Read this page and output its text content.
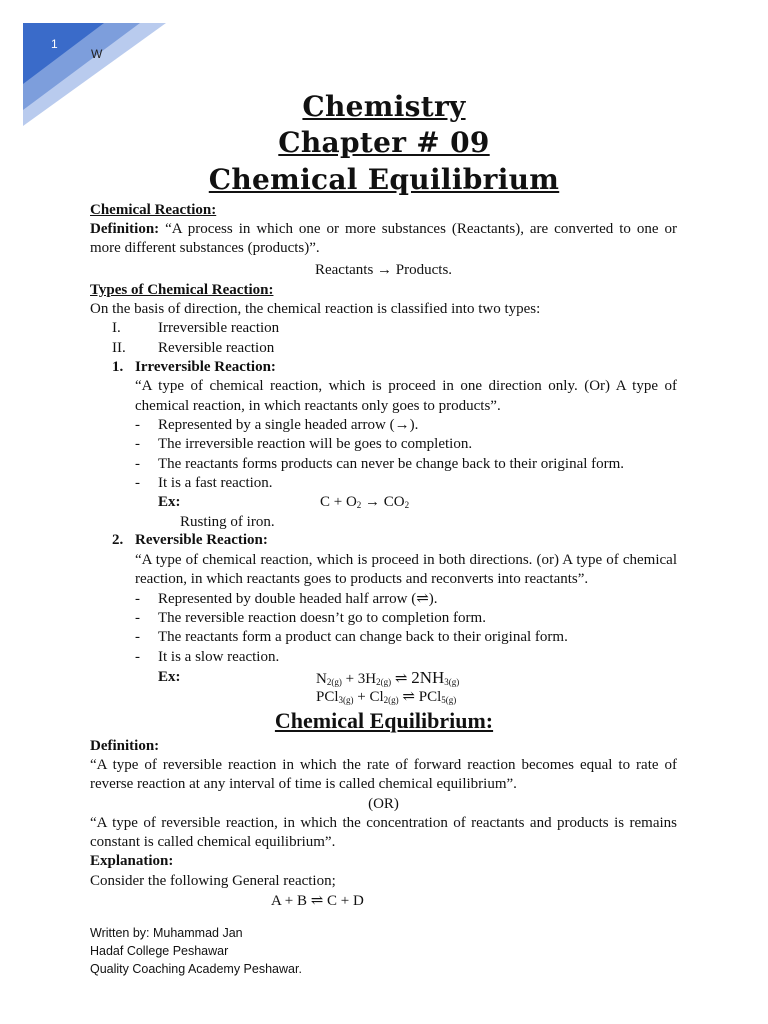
1
W
Chemistry
Chapter # 09
Chemical Equilibrium
Chemical Reaction:
Definition: “A process in which one or more substances (Reactants), are converted to one or
more different substances (products)”.
Reactants → Products.
Types of Chemical Reaction:
On the basis of direction, the chemical reaction is classified into two types:
I. Irreversible reaction
II. Reversible reaction
1. Irreversible Reaction:
“A type of chemical reaction, which is proceed in one direction only. (Or) A type of
chemical reaction, in which reactants only goes to products”.
- Represented by a single headed arrow (→).
- The irreversible reaction will be goes to completion.
- The reactants forms products can never be change back to their original form.
- It is a fast reaction.
Ex:	$C + O_2 \to CO_2$
Rusting of iron.
2. Reversible Reaction:
“A type of chemical reaction, which is proceed in both directions. (or) A type of chemical
reaction, in which reactants goes to products and reconverts into reactants”.
- Represented by double headed half arrow (⇌).
- The reversible reaction doesn’t go to completion form.
- The reactants form a product can change back to their original form.
- It is a slow reaction.
Ex:	$N_{2(g)} + 3H_{2(g)}$ ⇌ $2NH_{3(g)}$
$PCl_{3(g)} + Cl_{2(g)}$ ⇌ PCl$_{5(g)}$
Chemical Equilibrium:
Definition:
“A type of reversible reaction in which the rate of forward reaction becomes equal to rate of
reverse reaction at any interval of time is called chemical equilibrium”.
(OR)
“A type of reversible reaction, in which the concentration of reactants and products is remains
constant is called chemical equilibrium”.
Explanation:
Consider the following General reaction;
A + B ⇌ C + D
Written by: Muhammad Jan
Hadaf College Peshawar
Quality Coaching Academy Peshawar.
